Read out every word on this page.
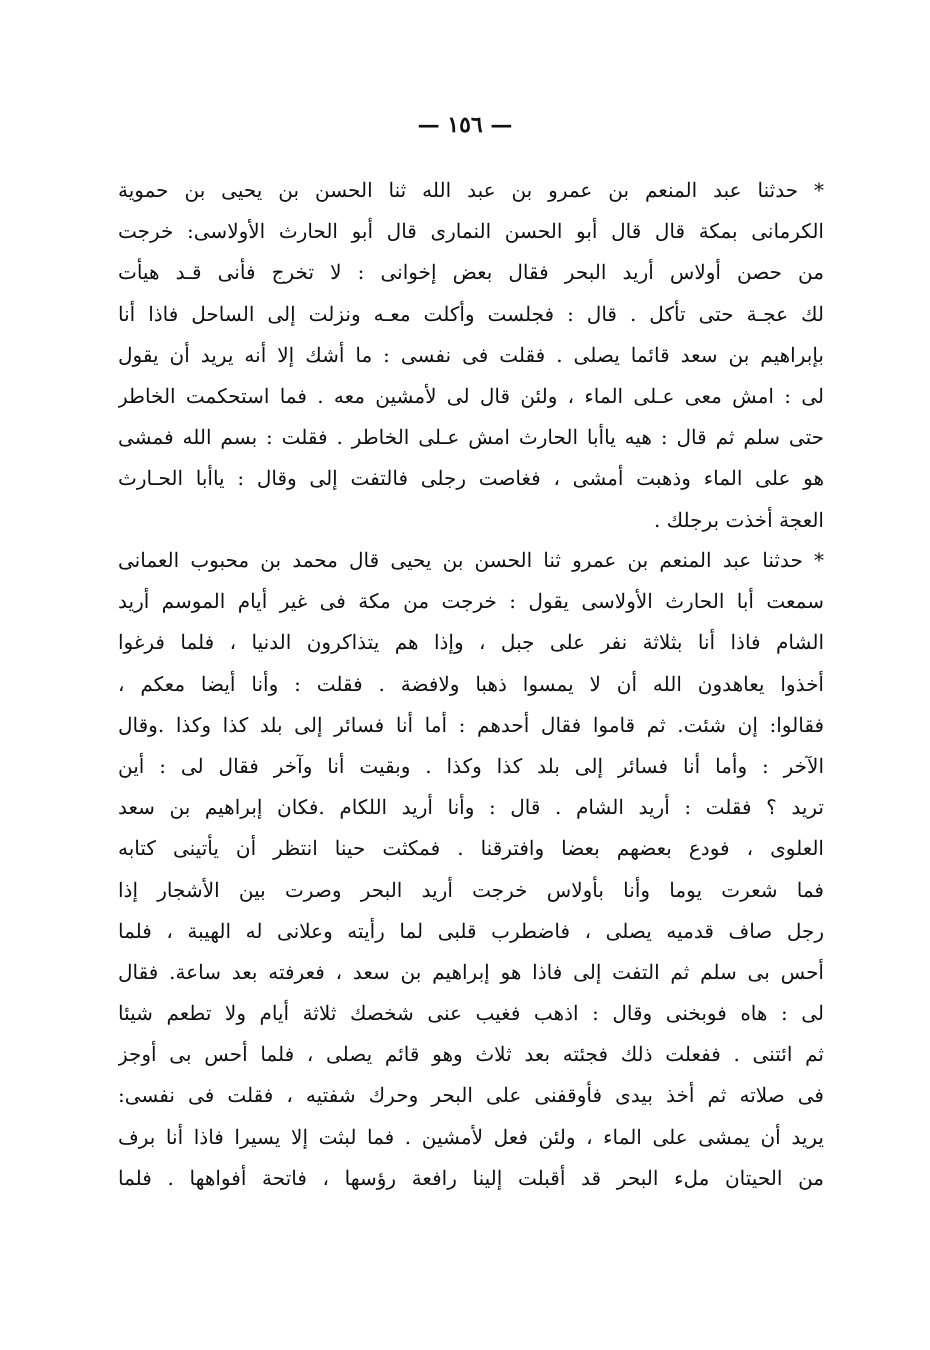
— ١٥٦ —
* حدثنا عبد المنعم بن عمرو بن عبد الله ثنا الحسن بن يحيى بن حموية
الكرمانى بمكة قال قال أبو الحسن النمارى قال أبو الحارث الأولاسى: خرجت
من حصن أولاس أريد البحر فقال بعض إخوانى : لا تخرج فأنى قـد هيأت
لك عجـة حتى تأكل . قال : فجلست وأكلت معـه ونزلت إلى الساحل فاذا أنا
بإبراهيم بن سعد قائما يصلى . فقلت فى نفسى : ما أشك إلا أنه يريد أن يقول
لى : امش معى عـلى الماء ، ولئن قال لى لأمشين معه . فما استحكمت الخاطر
حتى سلم ثم قال : هيه ياأبا الحارث امش عـلى الخاطر . فقلت : بسم الله فمشى
هو على الماء وذهبت أمشى ، فغاصت رجلى فالتفت إلى وقال : ياأبا الحـارث
العجة أخذت برجلك .
* حدثنا عبد المنعم بن عمرو ثنا الحسن بن يحيى قال محمد بن محبوب العمانى
سمعت أبا الحارث الأولاسى يقول : خرجت من مكة فى غير أيام الموسم أريد
الشام فاذا أنا بثلاثة نفر على جبل ، وإذا هم يتذاكرون الدنيا ، فلما فرغوا
أخذوا يعاهدون الله أن لا يمسوا ذهبا ولافضة . فقلت : وأنا أيضا معكم ،
فقالوا: إن شئت. ثم قاموا فقال أحدهم : أما أنا فسائر إلى بلد كذا وكذا .وقال
الآخر : وأما أنا فسائر إلى بلد كذا وكذا . وبقيت أنا وآخر فقال لى : أين
تريد ؟ فقلت : أريد الشام . قال : وأنا أريد اللكام .فكان إبراهيم بن سعد
العلوى ، فودع بعضهم بعضا وافترقنا . فمكثت حينا انتظر أن يأتينى كتابه
فما شعرت يوما وأنا بأولاس خرجت أريد البحر وصرت بين الأشجار إذا
رجل صاف قدميه يصلى ، فاضطرب قلبى لما رأيته وعلانى له الهيبة ، فلما
أحس بى سلم ثم التفت إلى فاذا هو إبراهيم بن سعد ، فعرفته بعد ساعة. فقال
لى : هاه فوبخنى وقال : اذهب فغيب عنى شخصك ثلاثة أيام ولا تطعم شيئا
ثم ائتنى . ففعلت ذلك فجئته بعد ثلاث وهو قائم يصلى ، فلما أحس بى أوجز
فى صلاته ثم أخذ بيدى فأوقفنى على البحر وحرك شفتيه ، فقلت فى نفسى:
يريد أن يمشى على الماء ، ولئن فعل لأمشين . فما لبثت إلا يسيرا فاذا أنا برف
من الحيتان ملء البحر قد أقبلت إلينا رافعة رؤسها ، فاتحة أفواهها . فلما
